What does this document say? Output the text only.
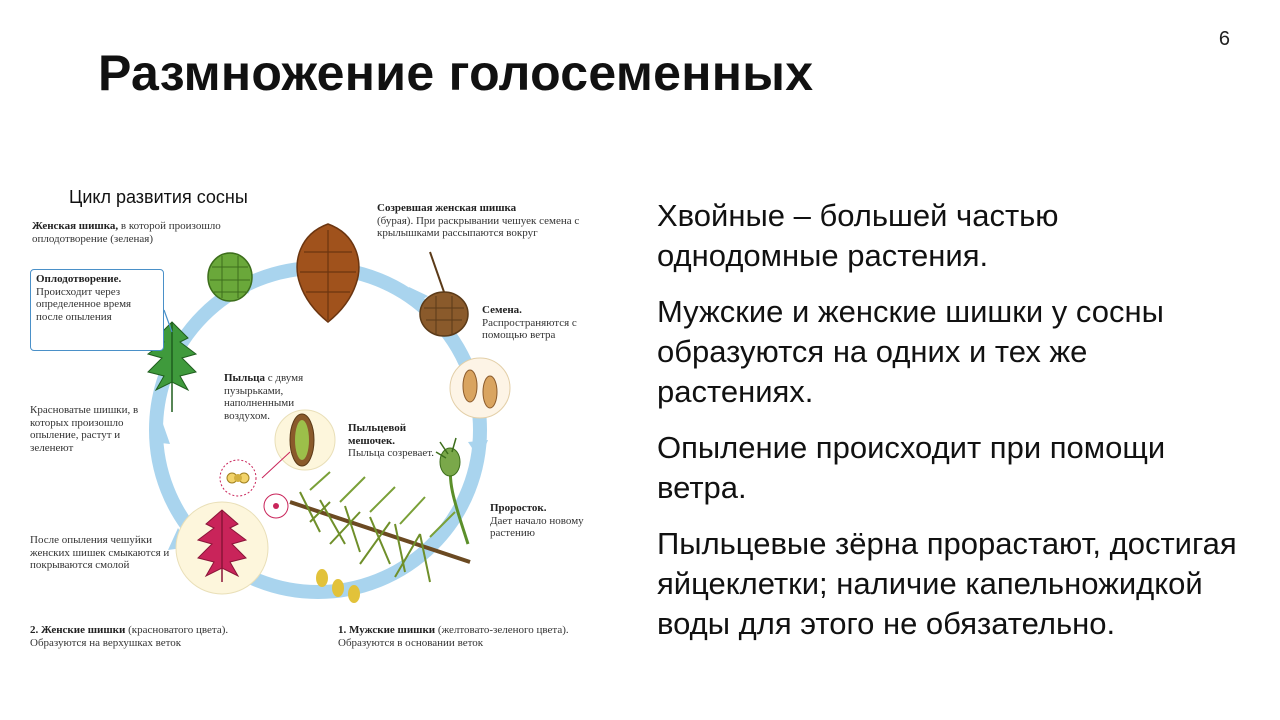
6
Размножение голосеменных
Цикл развития сосны
Женская шишка, в которой произошло оплодотворение (зеленая)
Созревшая женская шишка
(бурая). При раскрывании чешуек семена с крылышками рассыпаются вокруг
Оплодотворение.
Происходит через определенное время после опыления
Семена.
Распространяются с помощью ветра
Пыльца с двумя пузырьками, наполненными воздухом.
Пыльцевой мешочек.
Пыльца созревает.
Красноватые шишки, в которых произошло опыление, растут и зеленеют
После опыления чешуйки женских шишек смыкаются и покрываются смолой
Проросток.
Дает начало новому растению
2. Женские шишки (красноватого цвета). Образуются на верхушках веток
1. Мужские шишки (желтовато-зеленого цвета). Образуются в основании веток

Хвойные – большей частью однодомные растения.

Мужские и женские шишки у сосны образуются на одних и тех же растениях.

Опыление происходит при помощи ветра.

Пыльцевые зёрна прорастают, достигая яйцеклетки; наличие капельножидкой воды для этого не обязательно.
